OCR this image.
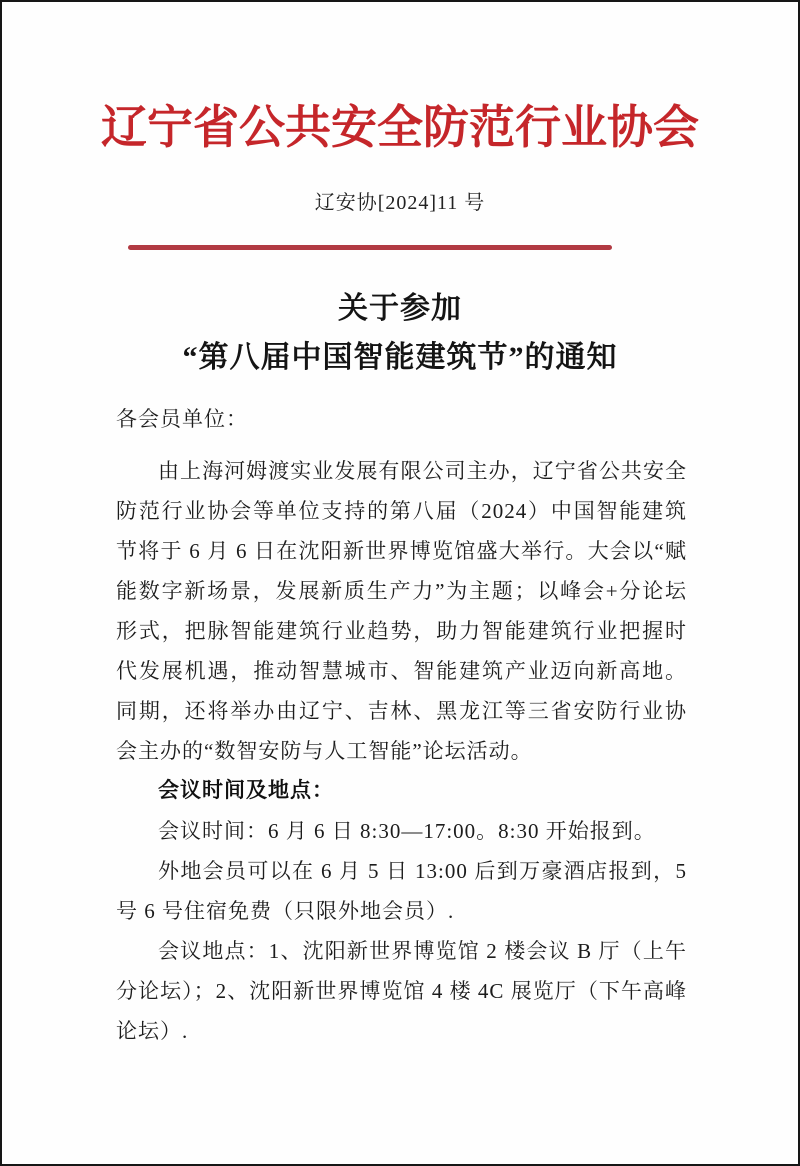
辽宁省公共安全防范行业协会
辽安协[2024]11 号
关于参加
“第八届中国智能建筑节”的通知

各会员单位：

由上海河姆渡实业发展有限公司主办，辽宁省公共安全防范行业协会等单位支持的第八届（2024）中国智能建筑节将于 6 月 6 日在沈阳新世界博览馆盛大举行。大会以“赋能数字新场景，发展新质生产力”为主题；以峰会+分论坛形式，把脉智能建筑行业趋势，助力智能建筑行业把握时代发展机遇，推动智慧城市、智能建筑产业迈向新高地。同期，还将举办由辽宁、吉林、黑龙江等三省安防行业协会主办的“数智安防与人工智能”论坛活动。

会议时间及地点：

会议时间：6 月 6 日 8:30—17:00。8:30 开始报到。

外地会员可以在 6 月 5 日 13:00 后到万豪酒店报到，5 号 6 号住宿免费（只限外地会员）.

会议地点：1、沈阳新世界博览馆 2 楼会议 B 厅（上午分论坛）；2、沈阳新世界博览馆 4 楼 4C 展览厅（下午高峰论坛）.
